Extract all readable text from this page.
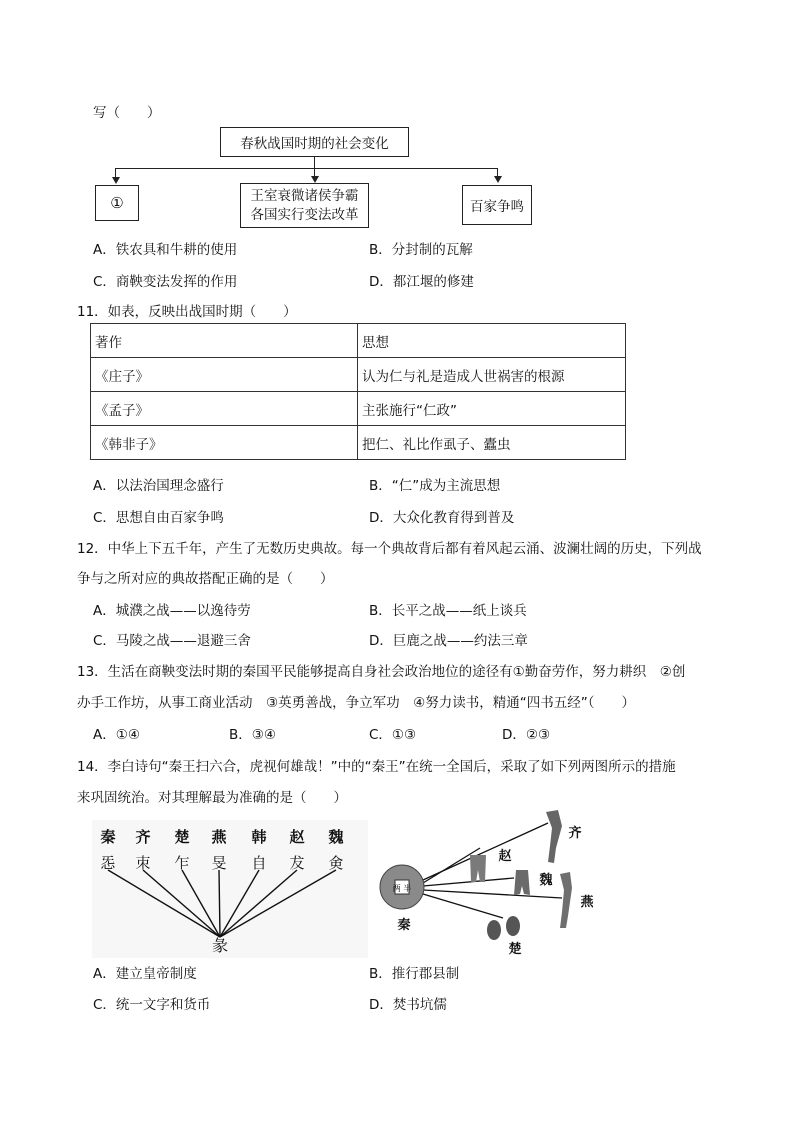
写（　　）
春秋战国时期的社会变化
①	王室衰微诸侯争霸
各国实行变法改革	百家争鸣
A．铁农具和牛耕的使用	B．分封制的瓦解
C．商鞅变法发挥的作用	D．都江堰的修建
11．如表，反映出战国时期（　　）
著作	思想
《庄子》	认为仁与礼是造成人世祸害的根源
《孟子》	主张施行“仁政”
《韩非子》	把仁、礼比作虱子、蠹虫
A．以法治国理念盛行	B．“仁”成为主流思想
C．思想自由百家争鸣	D．大众化教育得到普及
12．中华上下五千年，产生了无数历史典故。每一个典故背后都有着风起云涌、波澜壮阔的历史，下列战
争与之所对应的典故搭配正确的是（　　）
A．城濮之战——以逸待劳	B．长平之战——纸上谈兵
C．马陵之战——退避三舍	D．巨鹿之战——约法三章
13．生活在商鞅变法时期的秦国平民能够提高自身社会政治地位的途径有①勤奋劳作，努力耕织　②创
办手工作坊，从事工商业活动　③英勇善战，争立军功　④努力读书，精通“四书五经”（　　）
A．①④	B．③④	C．①③	D．②③
14．李白诗句“秦王扫六合，虎视何雄哉！”中的“秦王”在统一全国后，采取了如下列两图所示的措施
来巩固统治。对其理解最为准确的是（　　）
秦 齐 楚 燕 韩 赵 魏
㤅 朿 乍 旻 自 犮 㑒
彖
两 半
秦
赵
魏
齐
燕
楚
A．建立皇帝制度	B．推行郡县制
C．统一文字和货币	D．焚书坑儒
